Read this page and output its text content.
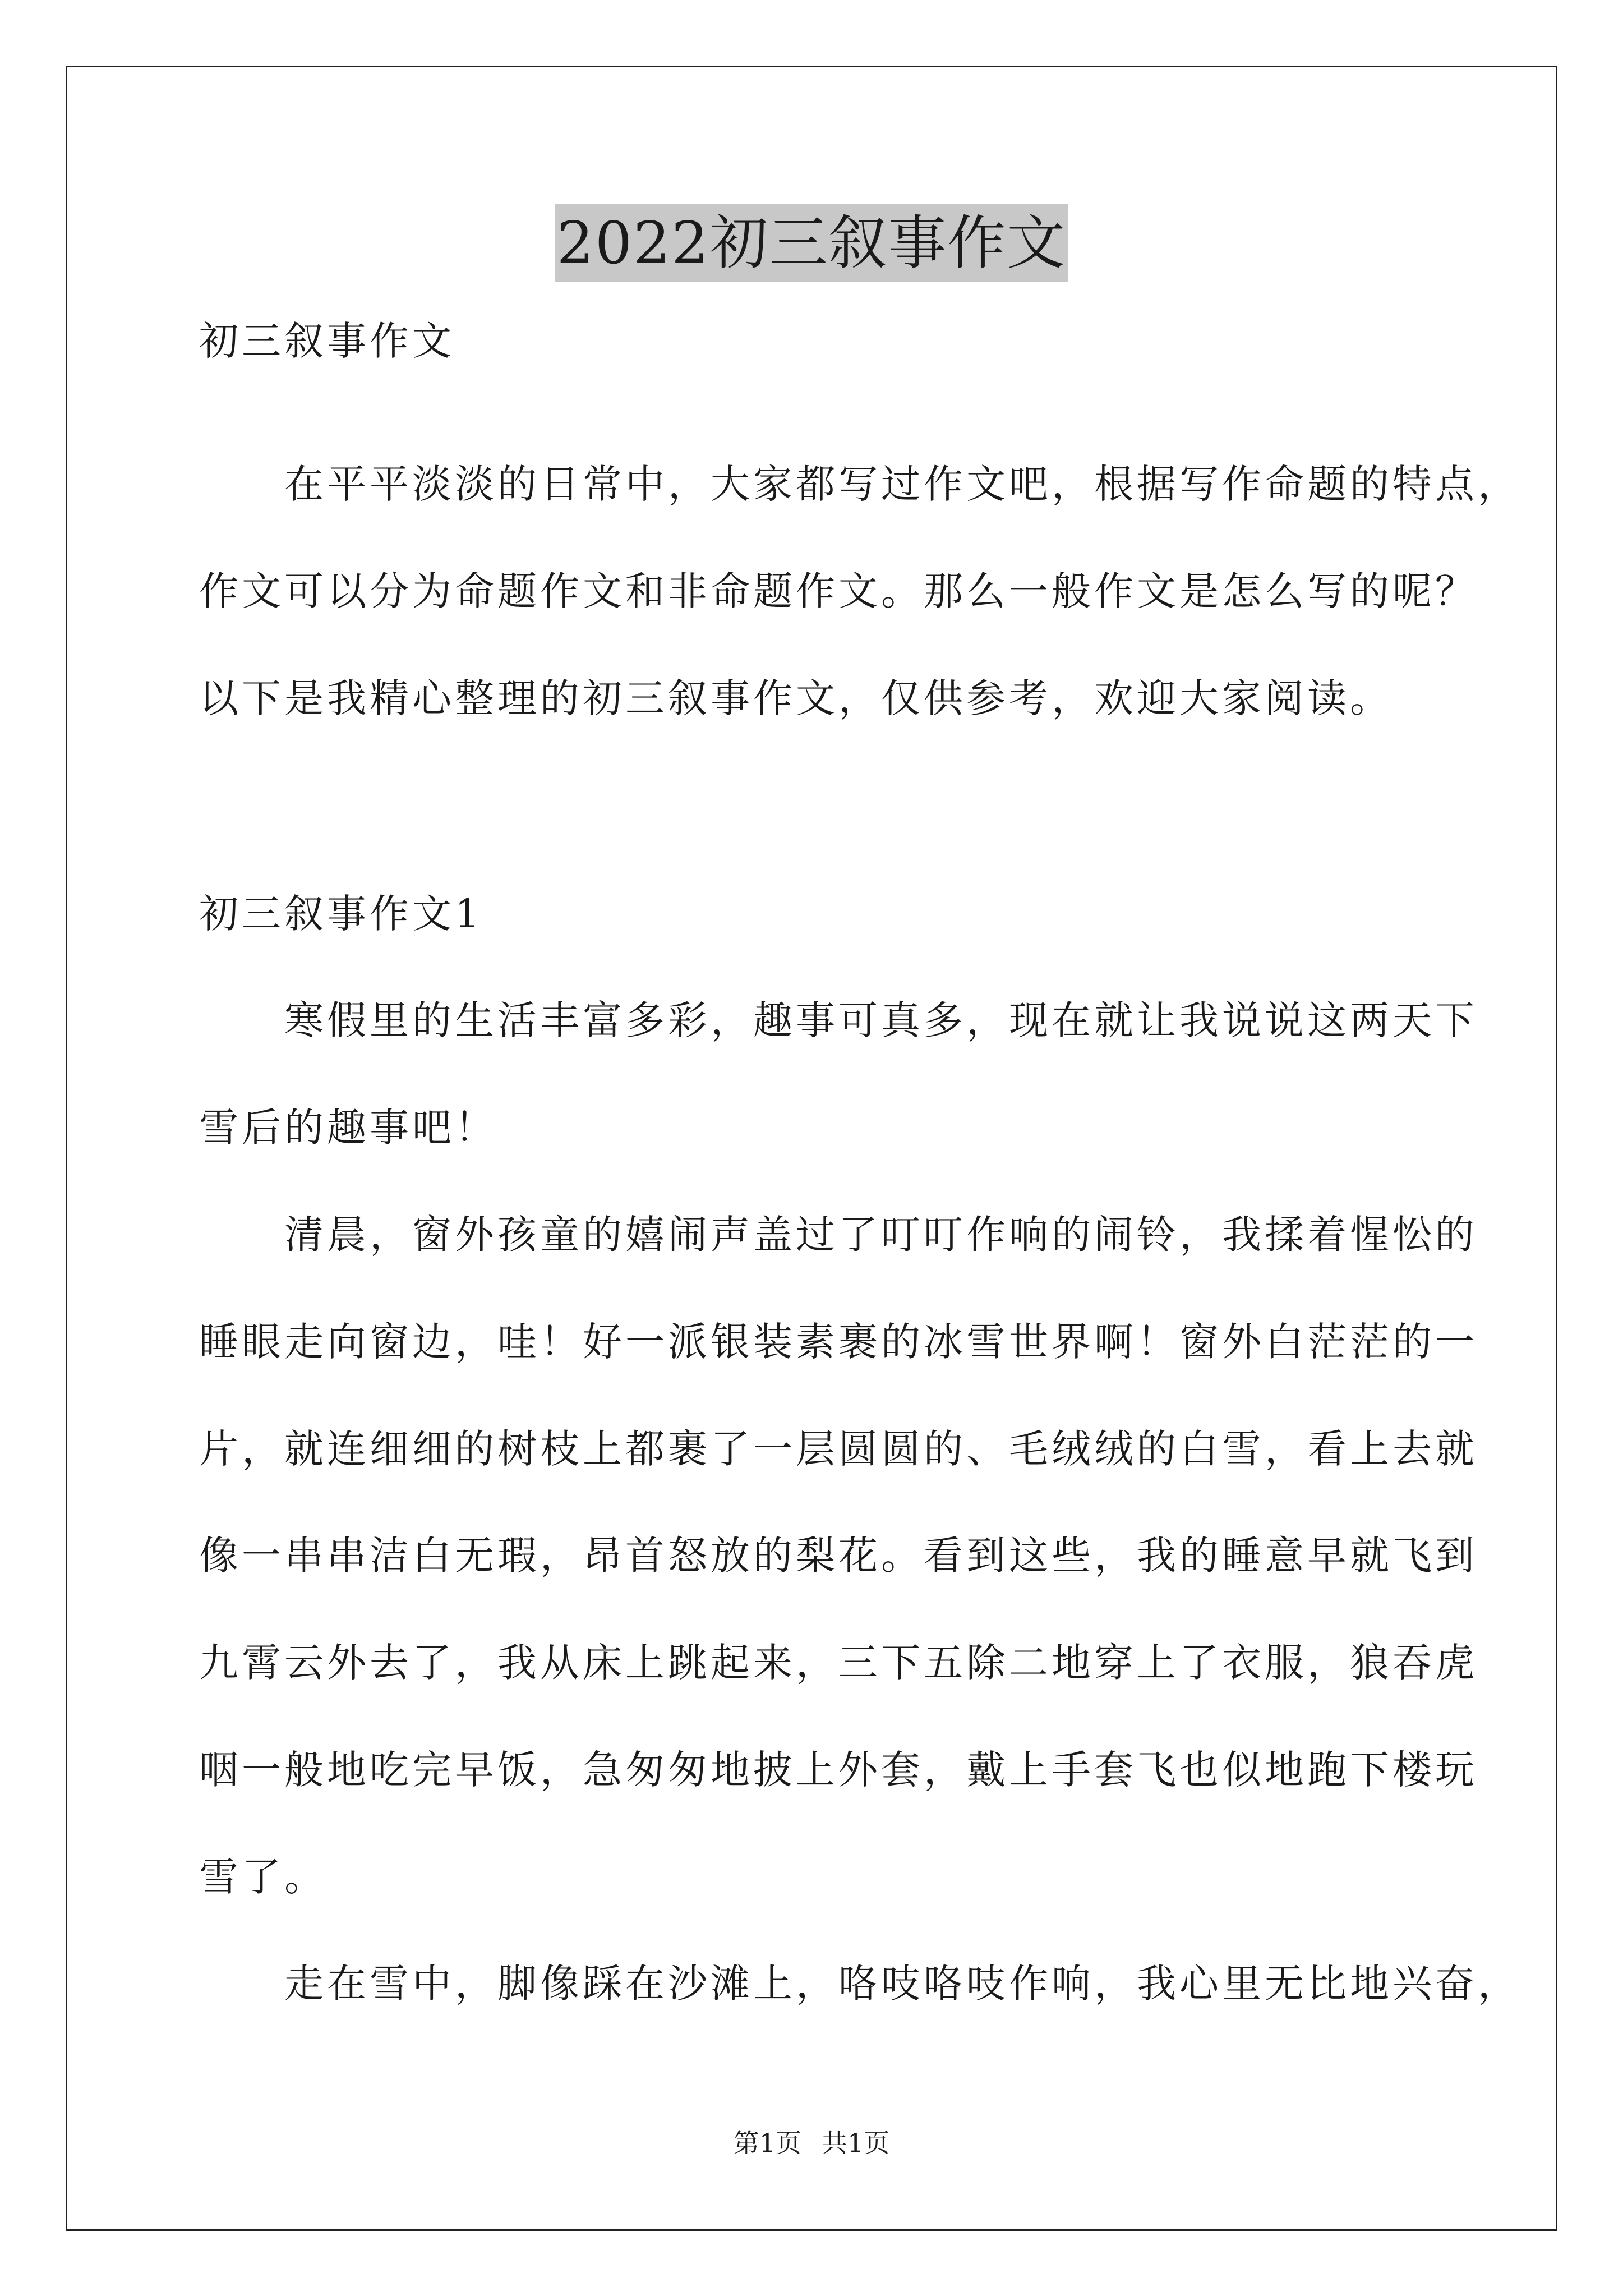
2022初三叙事作文
初三叙事作文
　　在平平淡淡的日常中，大家都写过作文吧，根据写作命题的特点，
作文可以分为命题作文和非命题作文。那么一般作文是怎么写的呢？
以下是我精心整理的初三叙事作文，仅供参考，欢迎大家阅读。
初三叙事作文1
　　寒假里的生活丰富多彩，趣事可真多，现在就让我说说这两天下
雪后的趣事吧！
　　清晨，窗外孩童的嬉闹声盖过了叮叮作响的闹铃，我揉着惺忪的
睡眼走向窗边，哇！好一派银装素裹的冰雪世界啊！窗外白茫茫的一
片，就连细细的树枝上都裹了一层圆圆的、毛绒绒的白雪，看上去就
像一串串洁白无瑕，昂首怒放的梨花。看到这些，我的睡意早就飞到
九霄云外去了，我从床上跳起来，三下五除二地穿上了衣服，狼吞虎
咽一般地吃完早饭，急匆匆地披上外套，戴上手套飞也似地跑下楼玩
雪了。
　　走在雪中，脚像踩在沙滩上，咯吱咯吱作响，我心里无比地兴奋，
第1页 共1页
